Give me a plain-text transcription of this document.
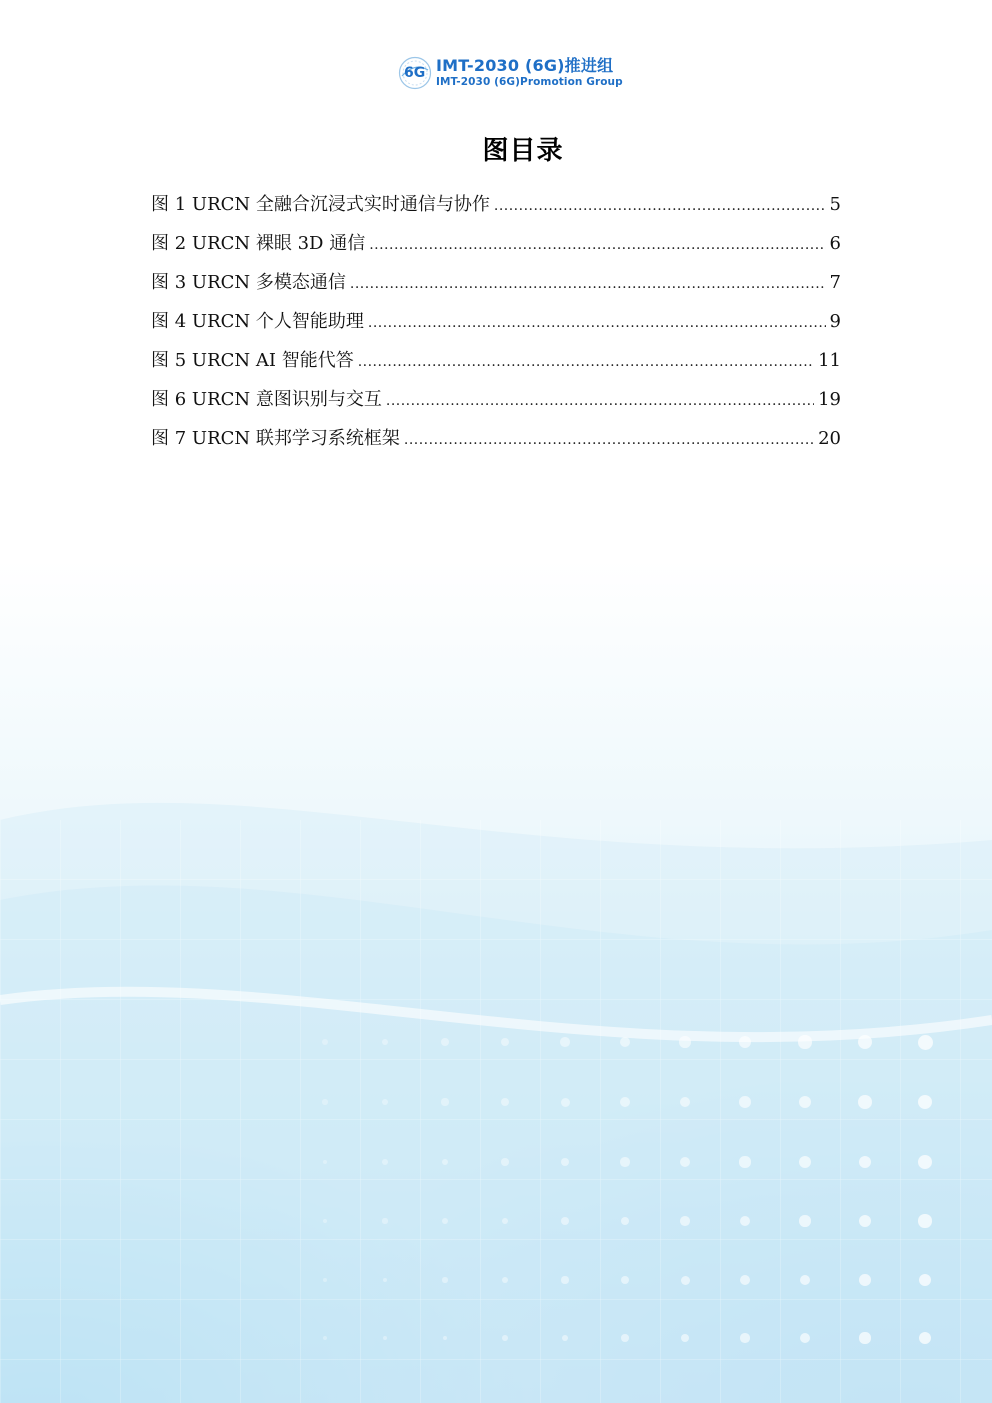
6G IMT-2030 (6G)推进组
IMT-2030 (6G)Promotion Group
图目录
图 1 URCN 全融合沉浸式实时通信与协作 .....	5
图 2 URCN 裸眼 3D 通信 .....	6
图 3 URCN 多模态通信 .....	7
图 4 URCN 个人智能助理 .....	9
图 5 URCN AI 智能代答 .....	11
图 6 URCN 意图识别与交互 .....	19
图 7 URCN 联邦学习系统框架 .....	20
